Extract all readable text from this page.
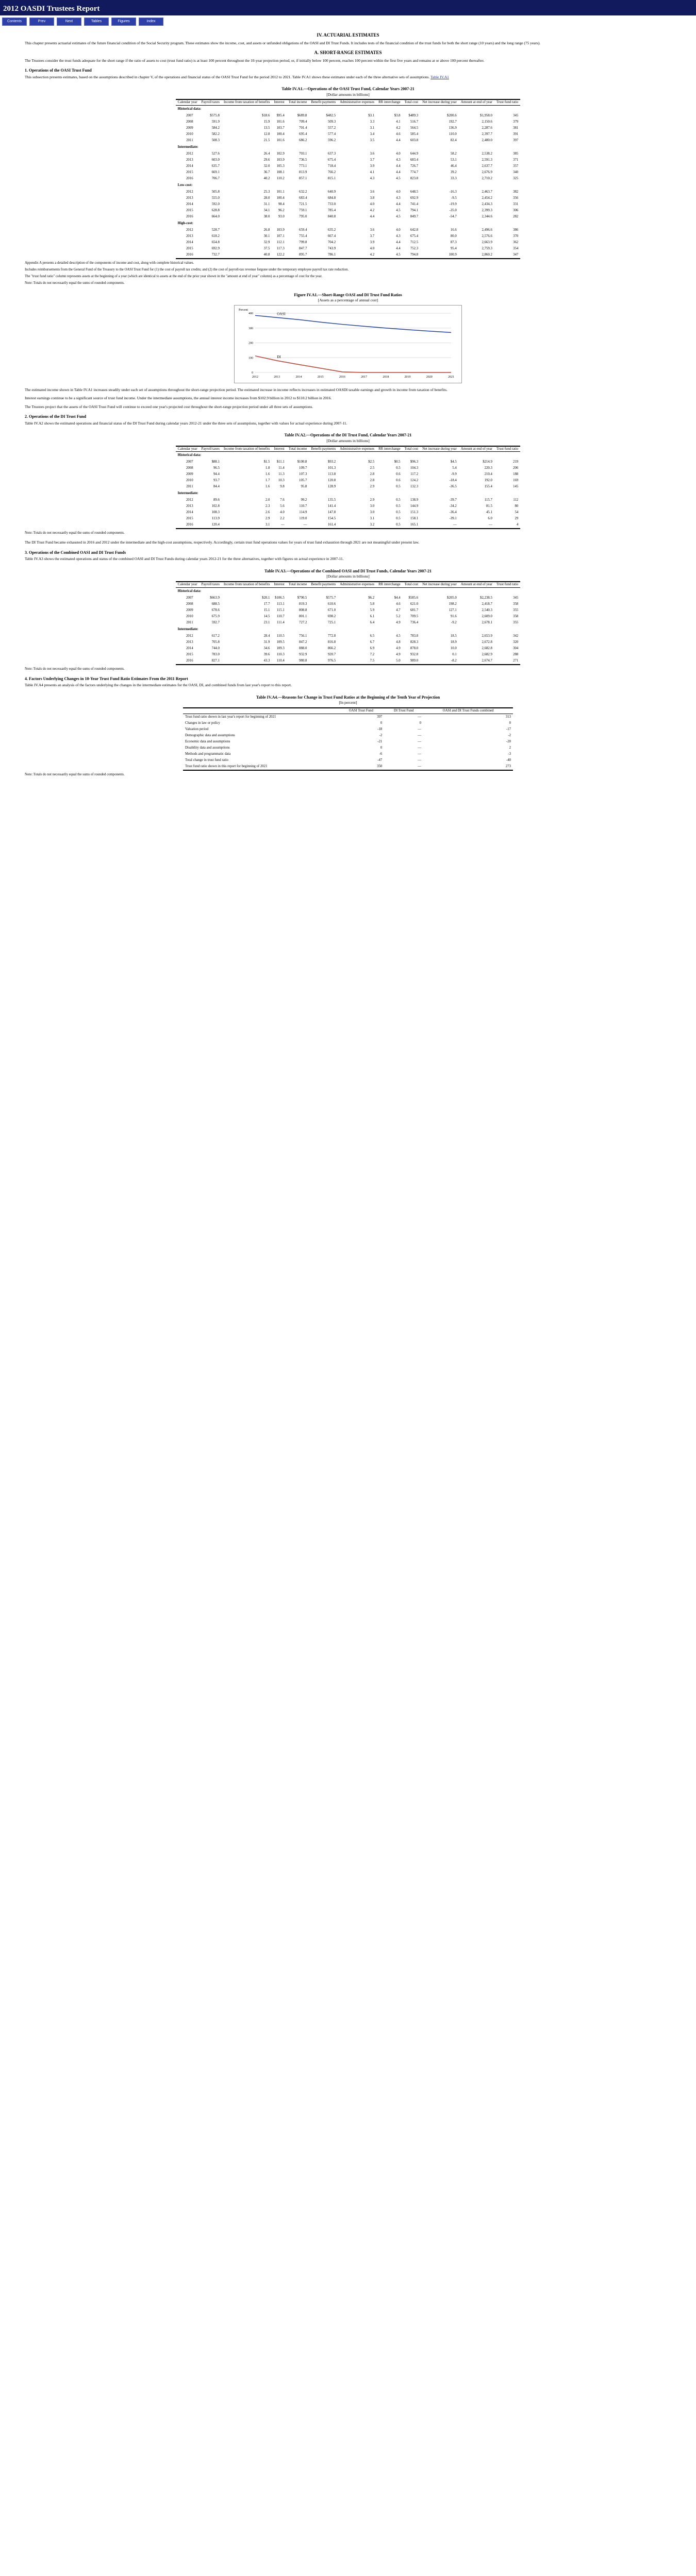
2012 OASDI Trustees Report
Contents	Prev	Next	Tables	Figures	Index
IV. ACTUARIAL ESTIMATES

This chapter presents actuarial estimates of the future financial condition of the Social Security program. These estimates show the income, cost, and assets or unfunded obligations of the OASI and DI Trust Funds. It includes tests of the financial condition of the trust funds for both the short range (10 years) and the long range (75 years).

A. SHORT-RANGE ESTIMATES

The Trustees consider the trust funds adequate for the short range if the ratio of assets to cost (trust fund ratio) is at least 100 percent throughout the 10-year projection period, or, if initially below 100 percent, reaches 100 percent within the first five years and remains at or above 100 percent thereafter.

1. Operations of the OASI Trust Fund

This subsection presents estimates, based on the assumptions described in chapter V, of the operations and financial status of the OASI Trust Fund for the period 2012 to 2021. Table IV.A1 shows these estimates under each of the three alternative sets of assumptions. Table IV.A1

Table IV.A1.—Operations of the OASI Trust Fund, Calendar Years 2007-21
[Dollar amounts in billions]
Calendar year	Payroll taxes	Income from taxation of benefits	Interest	Total income	Benefit payments	Administrative expenses	RR interchange	Total cost	Net increase during year	Amount at end of year	Trust fund ratio
Historical data:											
2007	$575.8	$18.6	$95.4	$689.8	$482.5	$3.1	$3.8	$489.3	$200.6	$1,958.0	345
2008	591.9	15.9	101.6	709.4	509.3	3.3	4.1	516.7	192.7	2,150.6	379
2009	584.2	13.5	103.7	701.4	557.2	3.1	4.2	564.5	136.9	2,287.6	381
2010	582.2	12.8	100.4	695.4	577.4	3.4	4.6	585.4	110.0	2,397.7	391
2011	508.3	21.5	101.6	686.2	596.2	3.5	4.4	603.8	82.4	2,480.0	397
Intermediate:											
2012	527.6	26.4	102.9	703.1	637.3	3.6	4.0	644.9	58.2	2,538.2	385
2013	603.0	29.6	103.9	736.5	675.4	3.7	4.3	683.4	53.1	2,591.3	371
2014	635.7	32.0	105.3	773.1	718.4	3.9	4.4	726.7	46.4	2,637.7	357
2015	669.1	36.7	108.1	813.9	766.2	4.1	4.4	774.7	39.2	2,676.9	340
2016	706.7	40.2	110.2	857.1	815.1	4.3	4.5	823.8	33.3	2,710.2	325
Low-cost:											
2012	505.8	25.3	101.1	632.2	640.9	3.6	4.0	648.5	-16.3	2,463.7	382
2013	555.0	28.0	100.4	683.4	684.8	3.8	4.3	692.9	-9.5	2,454.2	356
2014	592.0	31.1	98.4	721.5	733.0	4.0	4.4	741.4	-19.9	2,434.3	331
2015	628.8	34.1	96.2	759.1	785.4	4.2	4.5	794.1	-35.0	2,399.3	306
2016	664.0	38.0	93.0	795.0	840.8	4.4	4.5	849.7	-54.7	2,344.6	282
High-cost:											
2012	528.7	26.8	103.9	659.4	635.2	3.6	4.0	642.8	16.6	2,496.6	386
2013	618.2	30.1	107.1	755.4	667.4	3.7	4.3	675.4	80.0	2,576.6	370
2014	654.8	32.9	112.1	799.8	704.2	3.9	4.4	712.5	87.3	2,663.9	362
2015	692.9	37.5	117.3	847.7	743.9	4.0	4.4	752.3	95.4	2,759.3	354
2016	732.7	40.8	122.2	895.7	786.1	4.2	4.5	794.8	100.9	2,860.2	347
Appendix A presents a detailed description of the components of income and cost, along with complete historical values.
Includes reimbursements from the General Fund of the Treasury to the OASI Trust Fund for (1) the cost of payroll tax credits; and (2) the cost of payroll-tax revenue forgone under the temporary employee payroll tax rate reduction.
The "trust fund ratio" column represents assets at the beginning of a year (which are identical to assets at the end of the prior year shown in the "amount at end of year" column) as a percentage of cost for the year.
Note: Totals do not necessarily equal the sums of rounded components.
Figure IV.A1.—Short-Range OASI and DI Trust Fund Ratios
[Assets as a percentage of annual cost]
0
100
200
300
400
2012	2013	2014	2015	2016	2017	2018	2019	2020	2021
OASI
DI
Percent

The estimated income shown in Table IV.A1 increases steadily under each set of assumptions throughout the short-range projection period. The estimated increase in income reflects increases in estimated OASDI taxable earnings and growth in income from taxation of benefits.

Interest earnings continue to be a significant source of trust fund income. Under the intermediate assumptions, the annual interest income increases from $102.9 billion in 2012 to $110.2 billion in 2016.

The Trustees project that the assets of the OASI Trust Fund will continue to exceed one year's projected cost throughout the short-range projection period under all three sets of assumptions.

2. Operations of the DI Trust Fund

Table IV.A2 shows the estimated operations and financial status of the DI Trust Fund during calendar years 2012-21 under the three sets of assumptions, together with values for actual experience during 2007-11.

Table IV.A2.—Operations of the DI Trust Fund, Calendar Years 2007-21
[Dollar amounts in billions]
Calendar year	Payroll taxes	Income from taxation of benefits	Interest	Total income	Benefit payments	Administrative expenses	RR interchange	Total cost	Net increase during year	Amount at end of year	Trust fund ratio
Historical data:											
2007	$88.1	$1.5	$11.1	$100.8	$93.2	$2.5	$0.5	$96.3	$4.5	$214.9	219
2008	96.5	1.8	11.4	109.7	101.3	2.5	0.5	104.3	5.4	220.3	206
2009	94.4	1.6	11.3	107.3	113.8	2.8	0.6	117.2	-9.9	210.4	188
2010	93.7	1.7	10.3	105.7	120.8	2.8	0.6	124.2	-18.4	192.0	169
2011	84.4	1.6	9.8	95.8	128.9	2.9	0.5	132.3	-36.5	155.4	145
Intermediate:											
2012	89.6	2.0	7.6	99.2	135.5	2.9	0.5	138.9	-39.7	115.7	112
2013	102.8	2.3	5.6	110.7	141.4	3.0	0.5	144.9	-34.2	81.5	80
2014	108.3	2.6	4.0	114.9	147.8	3.0	0.5	151.3	-36.4	45.1	54
2015	113.9	2.9	2.2	119.0	154.5	3.1	0.5	158.1	-39.1	6.0	29
2016	120.4	3.1	—	—	161.4	3.2	0.5	165.1	—	—	4
Note: Totals do not necessarily equal the sums of rounded components.

The DI Trust Fund became exhausted in 2016 and 2012 under the intermediate and the high-cost assumptions, respectively. Accordingly, certain trust fund operations values for years of trust fund exhaustion through 2021 are not meaningful under present law.

3. Operations of the Combined OASI and DI Trust Funds

Table IV.A3 shows the estimated operations and status of the combined OASI and DI Trust Funds during calendar years 2012-21 for the three alternatives, together with figures on actual experience in 2007-11.

Table IV.A3.—Operations of the Combined OASI and DI Trust Funds, Calendar Years 2007-21
[Dollar amounts in billions]
Calendar year	Payroll taxes	Income from taxation of benefits	Interest	Total income	Benefit payments	Administrative expenses	RR interchange	Total cost	Net increase during year	Amount at end of year	Trust fund ratio
Historical data:											
2007	$663.9	$20.1	$106.5	$790.5	$575.7	$6.2	$4.4	$585.6	$205.0	$2,238.5	345
2008	688.5	17.7	113.1	819.3	610.6	5.8	4.6	621.0	198.2	2,418.7	358
2009	678.6	15.1	115.1	808.8	671.0	5.9	4.7	681.7	127.1	2,540.3	355
2010	675.9	14.5	110.7	801.1	698.2	6.1	5.2	709.5	91.6	2,609.0	358
2011	592.7	23.1	111.4	727.2	725.1	6.4	4.9	736.4	-9.2	2,678.1	355
Intermediate:											
2012	617.2	28.4	110.5	756.1	772.8	6.5	4.5	783.8	18.5	2,653.9	342
2013	705.8	31.9	109.5	847.2	816.8	6.7	4.8	828.3	18.9	2,672.8	320
2014	744.0	34.6	109.3	888.0	866.2	6.9	4.9	878.0	10.0	2,682.8	304
2015	783.0	39.6	110.3	932.9	920.7	7.2	4.9	932.8	0.1	2,682.9	288
2016	827.1	43.3	110.4	980.8	976.5	7.5	5.0	989.0	-8.2	2,674.7	271
Note: Totals do not necessarily equal the sums of rounded components.
4. Factors Underlying Changes in 10-Year Trust Fund Ratio Estimates From the 2011 Report

Table IV.A4 presents an analysis of the factors underlying the changes in the intermediate estimates for the OASI, DI, and combined funds from last year's report to this report.

Table IV.A4.—Reasons for Change in Trust Fund Ratios at the Beginning of the Tenth Year of Projection
[In percent]
	OASI Trust Fund	DI Trust Fund	OASI and DI Trust Funds combined
Trust fund ratio shown in last year's report for beginning of 2021	397	—	313
Changes in law or policy	0	0	0
Valuation period	-18	—	-17
Demographic data and assumptions	-2	—	-2
Economic data and assumptions	-21	—	-20
Disability data and assumptions	0	—	2
Methods and programmatic data	-6	—	-3
Total change in trust fund ratio	-47	—	-40
Trust fund ratio shown in this report for beginning of 2021	350	—	273
Note: Totals do not necessarily equal the sums of rounded components.
